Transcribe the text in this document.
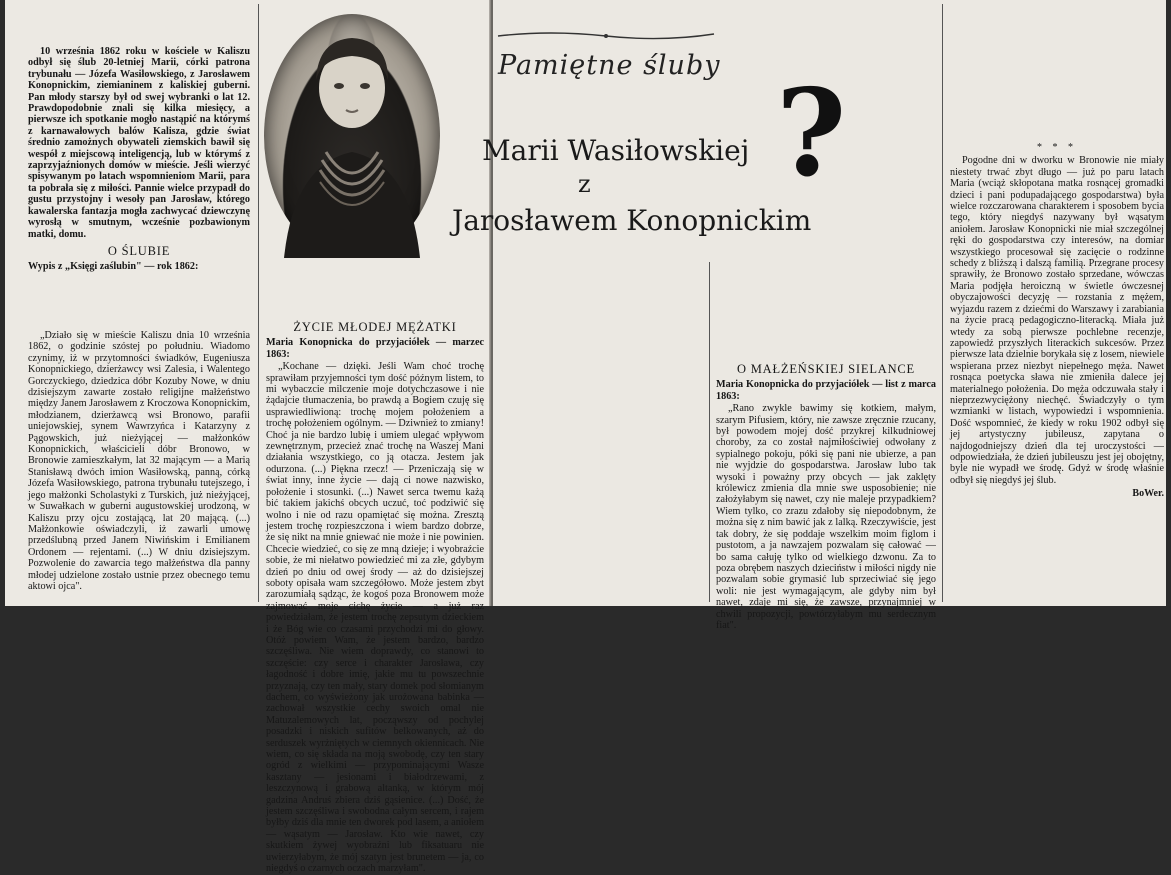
10 września 1862 roku w kościele w Kaliszu odbył się ślub 20-letniej Marii, córki patrona trybunału — Józefa Wasiłowskiego, z Jarosławem Konopnickim, ziemianinem z kaliskiej guberni. Pan młody starszy był od swej wybranki o lat 12. Prawdopodobnie znali się kilka miesięcy, a pierwsze ich spotkanie mogło nastąpić na którymś z karnawałowych balów Kalisza, gdzie świat średnio zamożnych obywateli ziemskich bawił się wespół z miejscową inteligencją, lub w którymś z zaprzyjaźnionych domów w mieście. Jeśli wierzyć spisywanym po latach wspomnieniom Marii, para ta pobrała się z miłości. Pannie wielce przypadł do gustu przystojny i wesoły pan Jarosław, którego kawalerska fantazja mogła zachwycać dziewczynę wyrosłą w smutnym, wcześnie pozbawionym matki, domu.

O ŚLUBIE

Wypis z „Księgi zaślubin" — rok 1862:

„Działo się w mieście Kaliszu dnia 10 września 1862, o godzinie szóstej po południu. Wiadomo czynimy, iż w przytomności świadków, Eugeniusza Konopnickiego, dzierżawcy wsi Zalesia, i Walentego Gorczyckiego, dziedzica dóbr Kozuby Nowe, w dniu dzisiejszym zawarte zostało religijne małżeństwo między Janem Jarosławem z Kroczowa Konopnickim, młodzianem, dzierżawcą wsi Bronowo, parafii uniejowskiej, synem Wawrzyńca i Katarzyny z Pągowskich, już nieżyjącej — małżonków Konopnickich, właścicieli dóbr Bronowo, w Bronowie zamieszkałym, lat 32 mającym — a Marią Stanisławą dwóch imion Wasiłowską, panną, córką Józefa Wasiłowskiego, patrona trybunału tutejszego, i jego małżonki Scholastyki z Turskich, już nieżyjącej, w Suwałkach w guberni augustowskiej urodzoną, w Kaliszu przy ojcu zostającą, lat 20 mającą. (...) Małżonkowie oświadczyli, iż zawarli umowę przedślubną przed Janem Niwińskim i Emilianem Ordonem — rejentami. (...) W dniu dzisiejszym. Pozwolenie do zawarcia tego małżeństwa dla panny młodej udzielone zostało ustnie przez obecnego temu aktowi ojca".

ŻYCIE MŁODEJ MĘŻATKI

Maria Konopnicka do przyjaciółek — marzec 1863:

„Kochane — dzięki. Jeśli Wam choć trochę sprawiłam przyjemności tym dość późnym listem, to mi wybaczcie milczenie moje dotychczasowe i nie żądajcie tłumaczenia, bo prawdą a Bogiem czuję się usprawiedliwioną: trochę mojem położeniem a trochę położeniem ogólnym. — Dziwnież to zmiany! Choć ja nie bardzo lubię i umiem ulegać wpływom zewnętrznym, przecież znać trochę na Waszej Mani działania wszystkiego, co ją otacza. Jestem jak odurzona. (...) Piękna rzecz! — Przeniczają się w świat inny, inne życie — dają ci nowe nazwisko, położenie i stosunki. (...) Nawet serca twemu każą bić takiem jakichś obcych uczuć, toć podziwić się wolno i nie od razu opamiętać się można. Zresztą jestem trochę rozpieszczona i wiem bardzo dobrze, że się nikt na mnie gniewać nie może i nie powinien. Chcecie wiedzieć, co się ze mną dzieje; i wyobraźcie sobie, że mi niełatwo powiedzieć mi za złe, gdybym dzień po dniu od owej środy — aż do dzisiejszej soboty opisała wam szczegółowo. Może jestem zbyt zarozumiałą sądząc, że kogoś poza Bronowem może zajmować moje cichę życie — a już raz powiedziałam, że jestem trochę zepsutym dzieckiem i że Bóg wie co czasami przychodzi mi do głowy. Otóż powiem Wam, że jestem bardzo, bardzo szczęśliwa. Nie wiem doprawdy, co stanowi to szczęście: czy serce i charakter Jarosława, czy łagodność i dobre imię, jakie mu tu powszechnie przyznają, czy ten mały, stary domek pod słomianym dachem, co wyświeżony jak urożowana babinka — zachował wszystkie cechy swoich omal nie Matuzalemowych lat, począwszy od pochylej posadzki i niskich sufitów belkowanych, aż do serduszek wyrżniętych w ciemnych okiennicach. Nie wiem, co się składa na moją swobodę, czy ten stary ogród z wielkimi — przypominającymi Wasze kasztany — jesionami i białodrzewami, z leszczynową i grabową altanką, w którym mój gadzina Andruś zbiera dziś gąsienice. (...) Dość, że jestem szczęśliwa i swobodna całym sercem, i rajem byłby dziś dla mnie ten dworek pod lasem, a aniołem — wąsatym — Jarosław. Kto wie nawet, czy skutkiem żywej wyobraźni lub fiksatuaru nie uwierzyłabym, że mój szatyn jest brunetem — ja, co niegdyś o czarnych oczach marzyłam".

Pamiętne śluby
Marii Wasiłowskiej
z
Jarosławem Konopnickim
?

O MAŁŻEŃSKIEJ SIELANCE

Maria Konopnicka do przyjaciółek — list z marca 1863:

„Rano zwykle bawimy się kotkiem, małym, szarym Pifusiem, który, nie zawsze zręcznie rzucany, był powodem mojej dość przykrej kilkudniowej choroby, za co został najmiłościwiej odwołany z sypialnego pokoju, póki się pani nie ubierze, a pan nie wyjdzie do gospodarstwa. Jarosław lubo tak wysoki i poważny przy obcych — jak zaklęty królewicz zmienia dla mnie swe usposobienie; nie założyłabym się nawet, czy nie maleje przypadkiem? Wiem tylko, co zrazu zdałoby się niepodobnym, że można się z nim bawić jak z lalką. Rzeczywiście, jest tak dobry, że się poddaje wszelkim moim figlom i pustotom, a ja nawzajem pozwalam się całować — bo sama całuję tylko od wielkiego dzwonu. Za to poza obrębem naszych dzieciństw i miłości nigdy nie pozwalam sobie grymasić lub sprzeciwiać się jego woli: nie jest wymagającym, ale gdyby nim był nawet, zdaje mi się, że zawsze, przynajmniej w chwili propozycji, powtórzyłabym mu serdecznym fiat".

* * *

Pogodne dni w dworku w Bronowie nie miały niestety trwać zbyt długo — już po paru latach Maria (wciąż skłopotana matka rosnącej gromadki dzieci i pani podupadającego gospodarstwa) była wielce rozczarowana charakterem i sposobem bycia tego, który niegdyś nazywany był wąsatym aniołem. Jarosław Konopnicki nie miał szczególnej ręki do gospodarstwa czy interesów, na domiar wszystkiego procesował się zacięcie o rodzinne schedy z bliższą i dalszą familią. Przegrane procesy sprawiły, że Bronowo zostało sprzedane, wówczas Maria podjęła heroiczną w świetle ówczesnej obyczajowości decyzję — rozstania z mężem, wyjazdu razem z dziećmi do Warszawy i zarabiania na życie pracą pedagogiczno-literacką. Miała już wtedy za sobą pierwsze pochlebne recenzje, zapowiedź przyszłych literackich sukcesów. Przez pierwsze lata dzielnie borykała się z losem, niewiele wspierana przez niezbyt niepełnego męża. Nawet rosnąca poetycka sława nie zmieniła dalece jej materialnego położenia. Do męża odczuwała stały i nieprzezwyciężony niechęć. Świadczyły o tym wzmianki w listach, wypowiedzi i wspomnienia. Dość wspomnieć, że kiedy w roku 1902 odbył się jej artystyczny jubileusz, zapytana o najdogodniejszy dzień dla tej uroczystości — odpowiedziała, że dzień jubileuszu jest jej obojętny, byle nie wypadł we środę. Gdyż w środę właśnie odbył się niegdyś jej ślub.

BoWer.
